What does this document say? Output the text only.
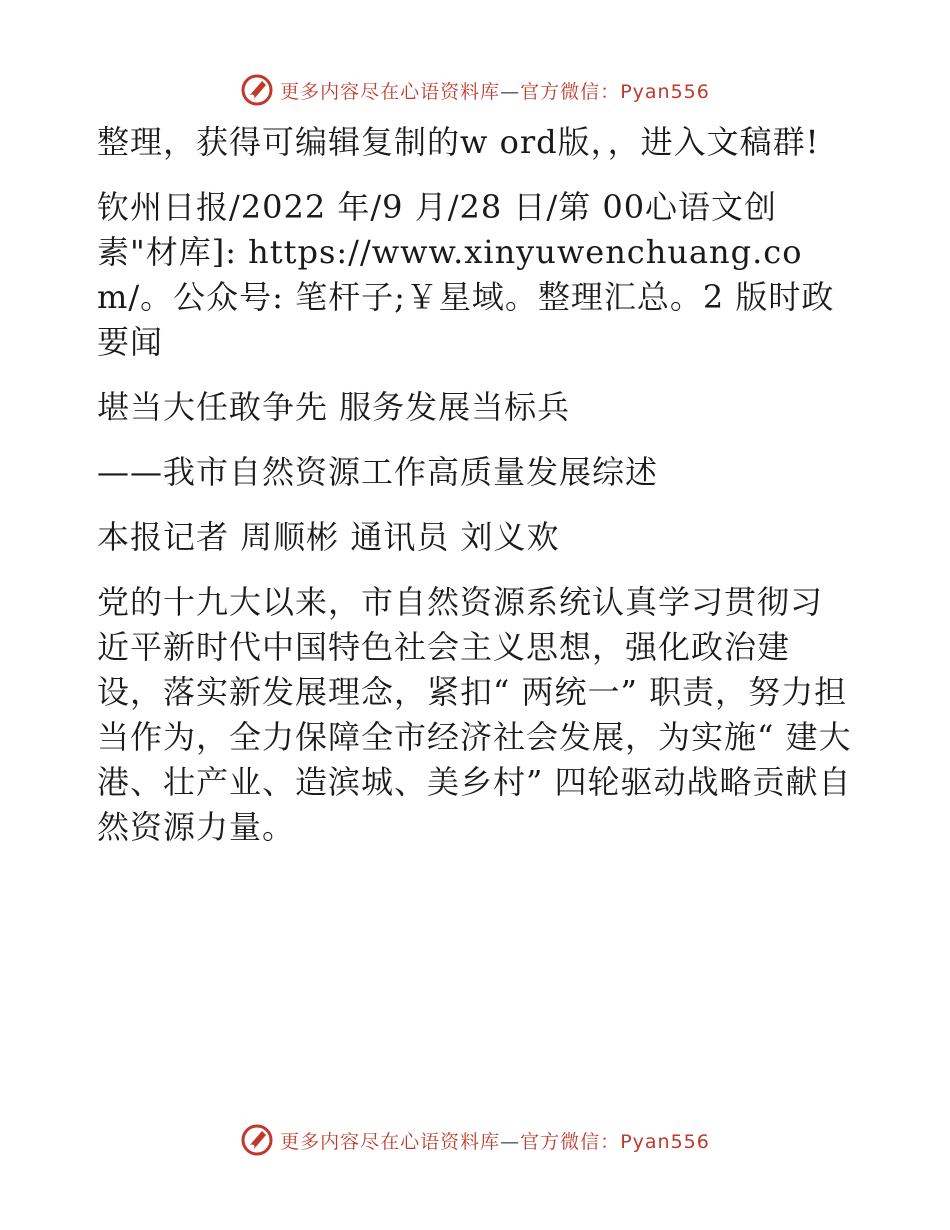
更多内容尽在心语资料库—官方微信：Pyan556

整理，获得可编辑复制的w ord版，，进入文稿群!

钦州日报/2022 年/9 月/28 日/第 00心语文创素"材库]: https://www.xinyuwenchuang.com/。公众号: 笔杆子;￥星域。整理汇总。2 版时政要闻

堪当大任敢争先 服务发展当标兵

——我市自然资源工作高质量发展综述

本报记者 周顺彬 通讯员 刘义欢

党的十九大以来，市自然资源系统认真学习贯彻习近平新时代中国特色社会主义思想，强化政治建设，落实新发展理念，紧扣“ 两统一” 职责，努力担当作为，全力保障全市经济社会发展，为实施“ 建大港、壮产业、造滨城、美乡村” 四轮驱动战略贡献自然资源力量。

更多内容尽在心语资料库—官方微信：Pyan556
